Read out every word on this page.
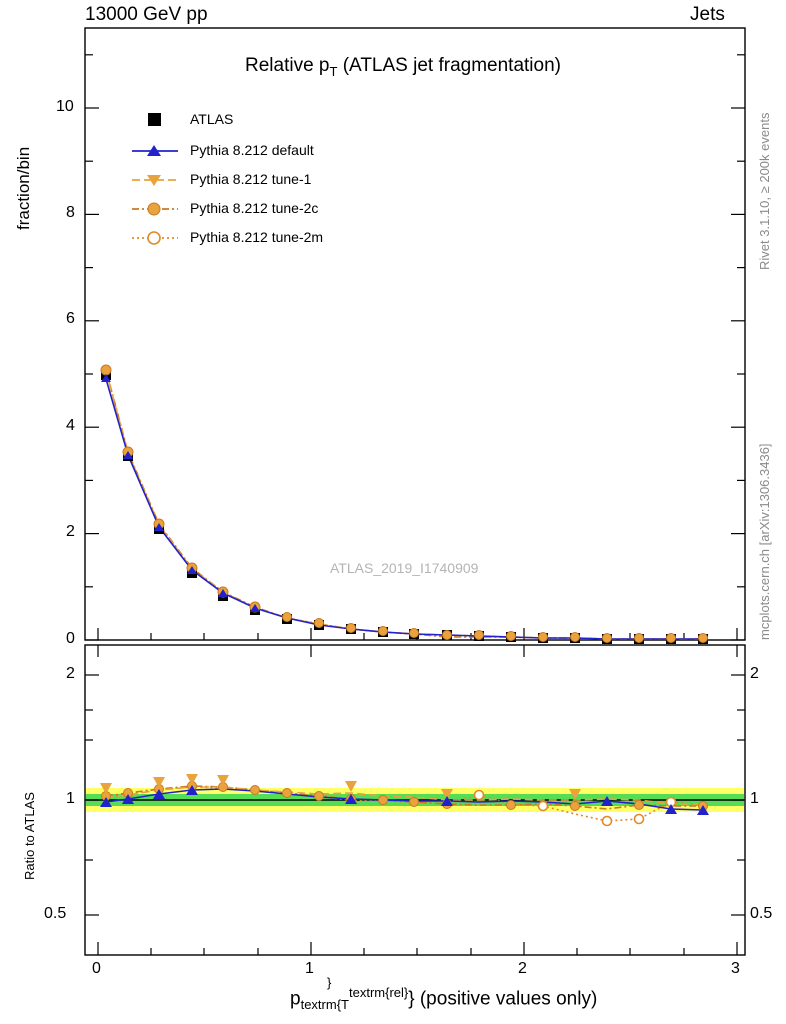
13000 GeV pp	Jets
Rivet 3.1.10, ≥ 200k events
mcplots.cern.ch [arXiv:1306.3436]
fraction/bin
Ratio to ATLAS
Relative $p_T$ (ATLAS jet fragmentation)
0
2
4
6
8
10
ATLAS
Pythia 8.212 default
Pythia 8.212 tune-1
Pythia 8.212 tune-2c
Pythia 8.212 tune-2m
ATLAS_2019_I1740909
0.5
1
2
0.5
1
2
0	1	2	3
$p_{textrm\{T}^{textrm\{rel\}}$} (positive values only)
}
